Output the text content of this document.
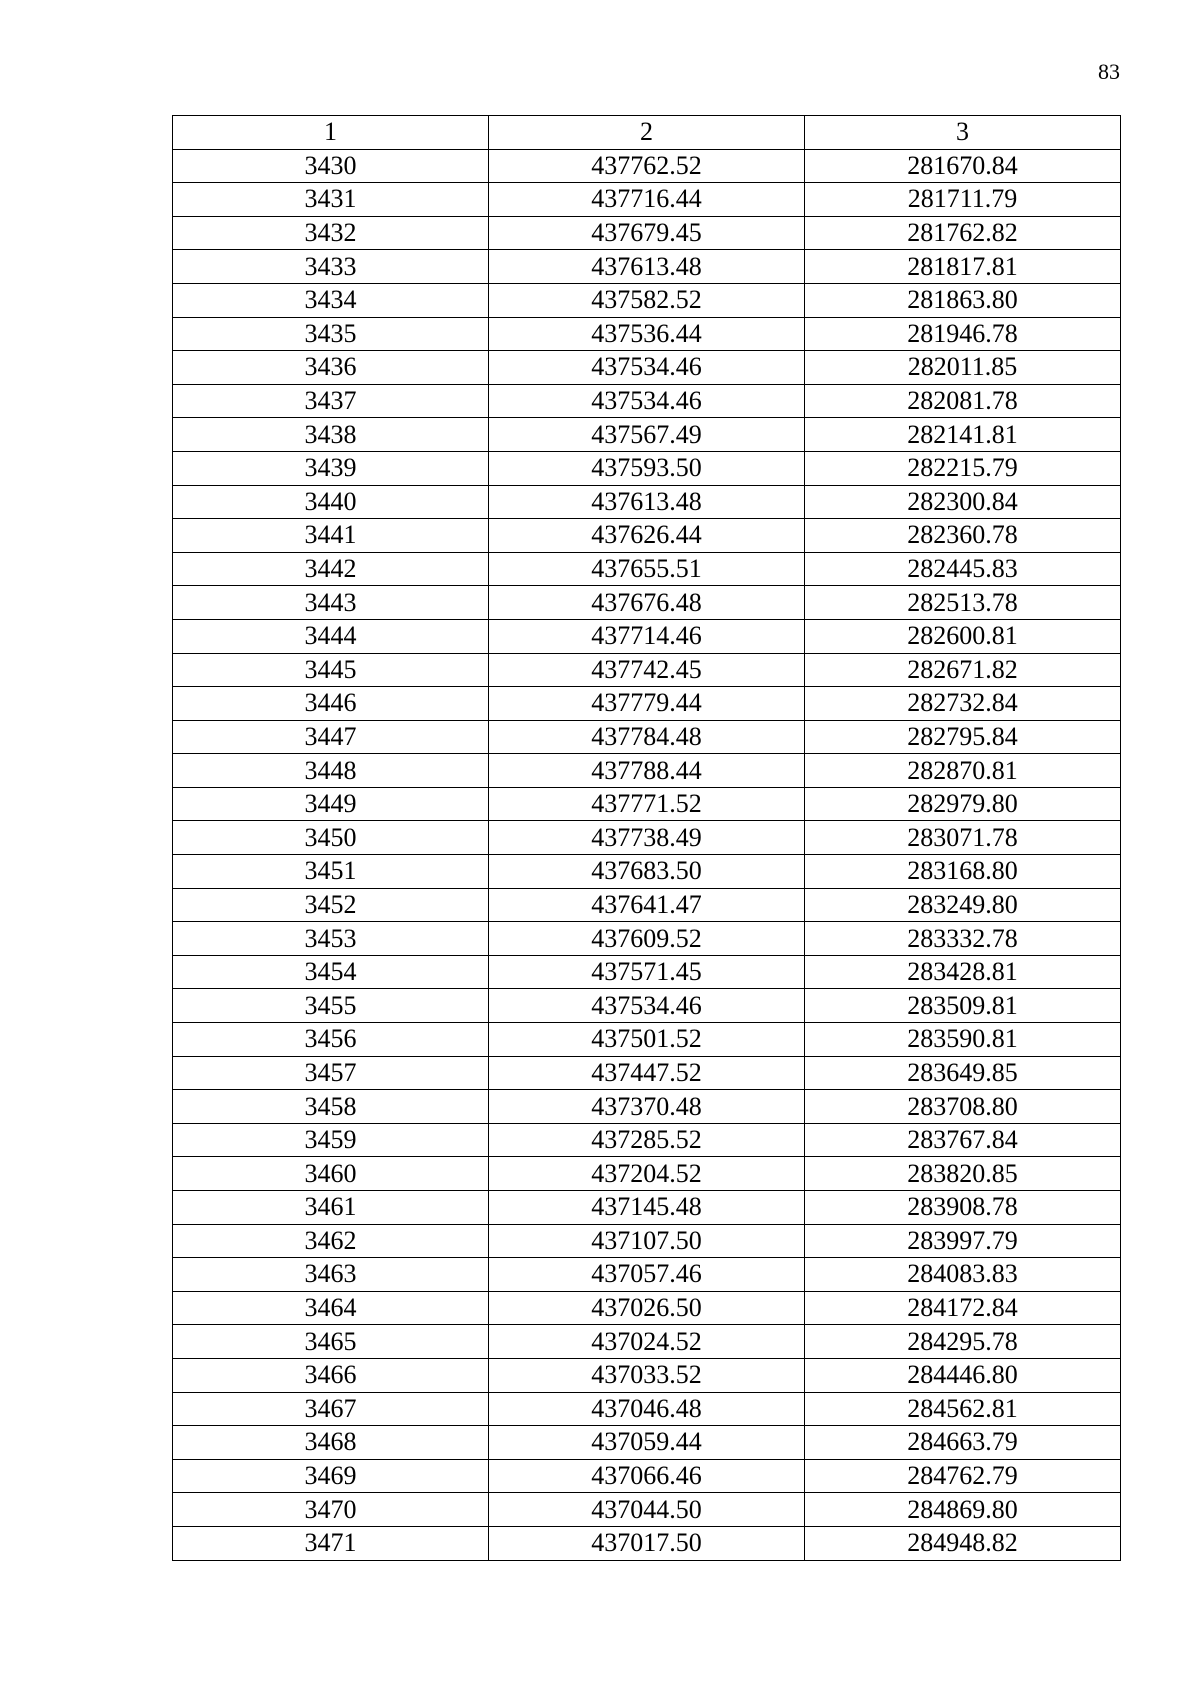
83
1	2	3
3430	437762.52	281670.84
3431	437716.44	281711.79
3432	437679.45	281762.82
3433	437613.48	281817.81
3434	437582.52	281863.80
3435	437536.44	281946.78
3436	437534.46	282011.85
3437	437534.46	282081.78
3438	437567.49	282141.81
3439	437593.50	282215.79
3440	437613.48	282300.84
3441	437626.44	282360.78
3442	437655.51	282445.83
3443	437676.48	282513.78
3444	437714.46	282600.81
3445	437742.45	282671.82
3446	437779.44	282732.84
3447	437784.48	282795.84
3448	437788.44	282870.81
3449	437771.52	282979.80
3450	437738.49	283071.78
3451	437683.50	283168.80
3452	437641.47	283249.80
3453	437609.52	283332.78
3454	437571.45	283428.81
3455	437534.46	283509.81
3456	437501.52	283590.81
3457	437447.52	283649.85
3458	437370.48	283708.80
3459	437285.52	283767.84
3460	437204.52	283820.85
3461	437145.48	283908.78
3462	437107.50	283997.79
3463	437057.46	284083.83
3464	437026.50	284172.84
3465	437024.52	284295.78
3466	437033.52	284446.80
3467	437046.48	284562.81
3468	437059.44	284663.79
3469	437066.46	284762.79
3470	437044.50	284869.80
3471	437017.50	284948.82
